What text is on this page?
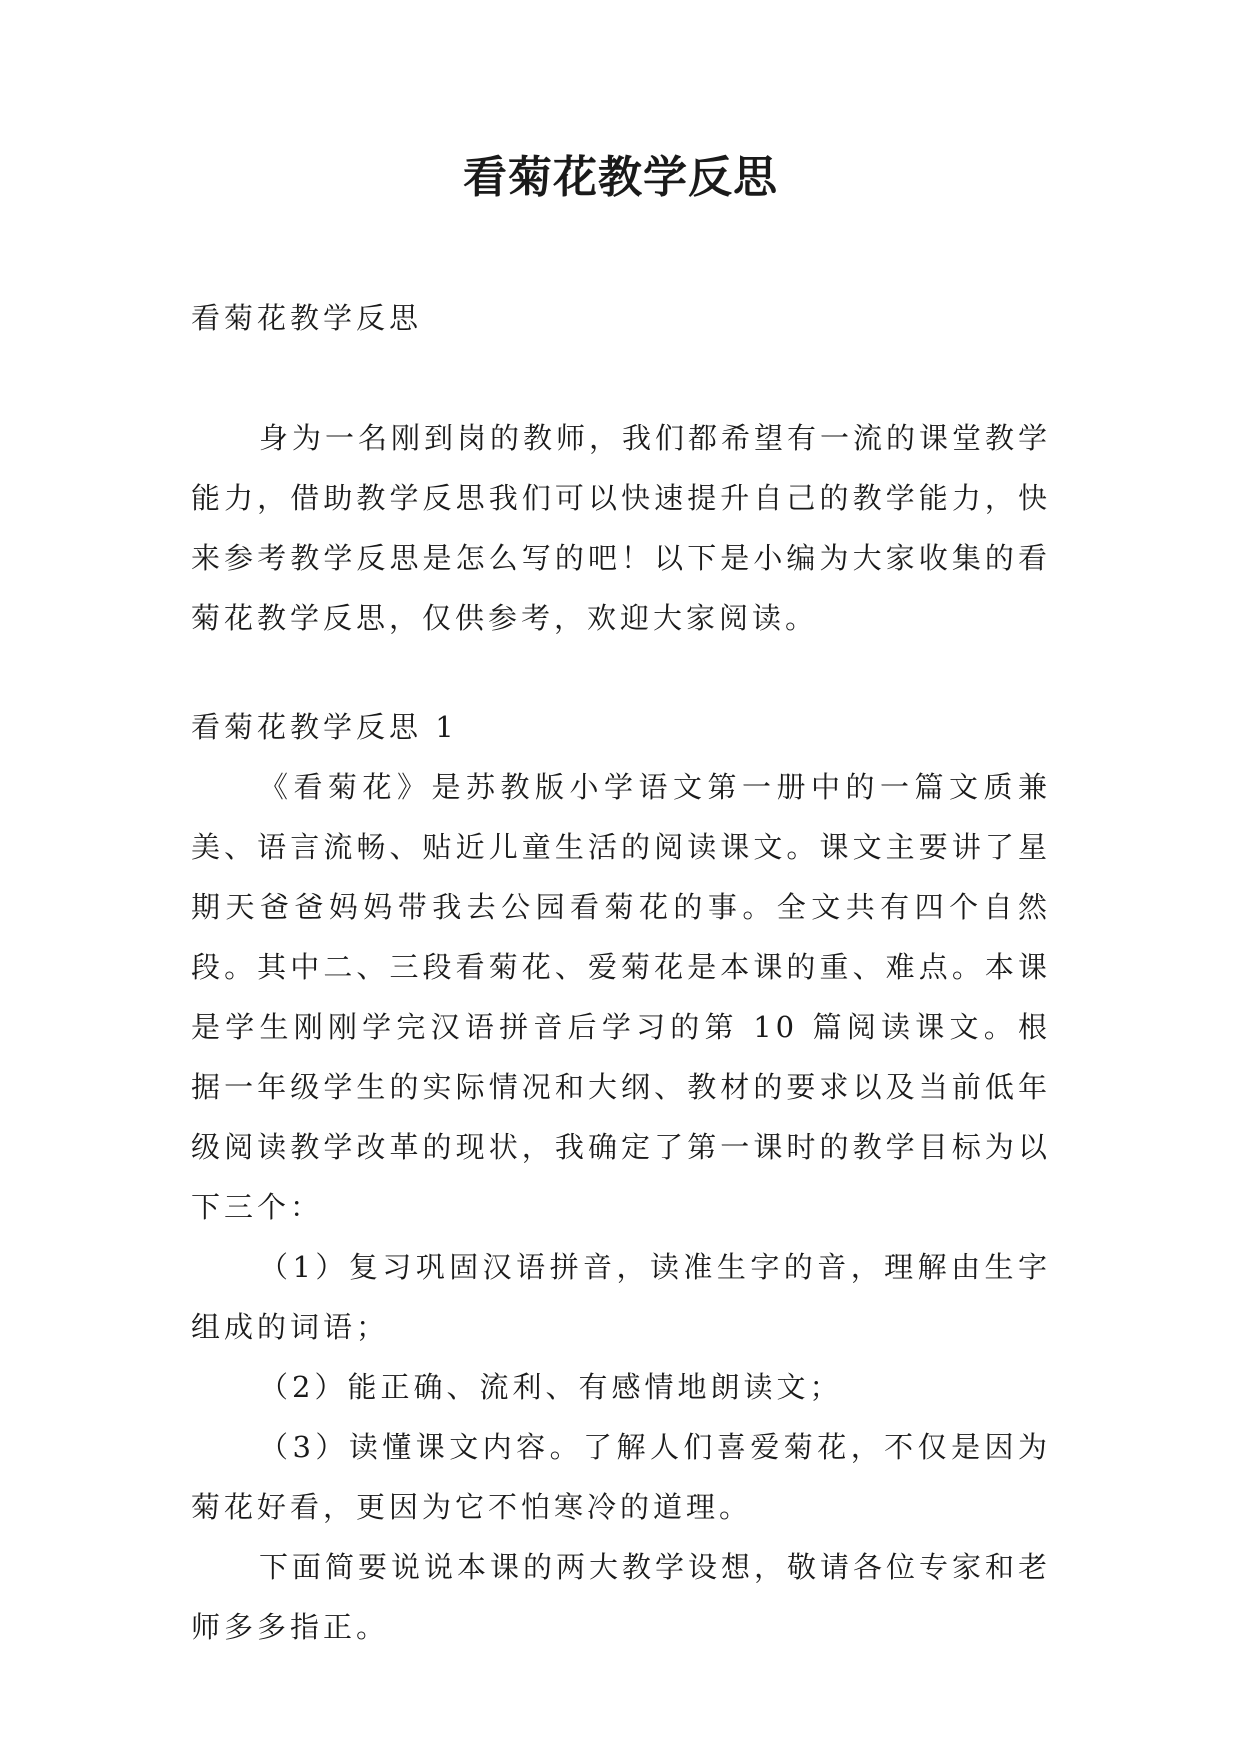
看菊花教学反思

看菊花教学反思

身为一名刚到岗的教师，我们都希望有一流的课堂教学能力，借助教学反思我们可以快速提升自己的教学能力，快来参考教学反思是怎么写的吧！以下是小编为大家收集的看菊花教学反思，仅供参考，欢迎大家阅读。

看菊花教学反思 1

《看菊花》是苏教版小学语文第一册中的一篇文质兼美、语言流畅、贴近儿童生活的阅读课文。课文主要讲了星期天爸爸妈妈带我去公园看菊花的事。全文共有四个自然段。其中二、三段看菊花、爱菊花是本课的重、难点。本课是学生刚刚学完汉语拼音后学习的第 10 篇阅读课文。根据一年级学生的实际情况和大纲、教材的要求以及当前低年级阅读教学改革的现状，我确定了第一课时的教学目标为以下三个：

（1）复习巩固汉语拼音，读准生字的音，理解由生字组成的词语；

（2）能正确、流利、有感情地朗读文；

（3）读懂课文内容。了解人们喜爱菊花，不仅是因为菊花好看，更因为它不怕寒冷的道理。

下面简要说说本课的两大教学设想，敬请各位专家和老师多多指正。
